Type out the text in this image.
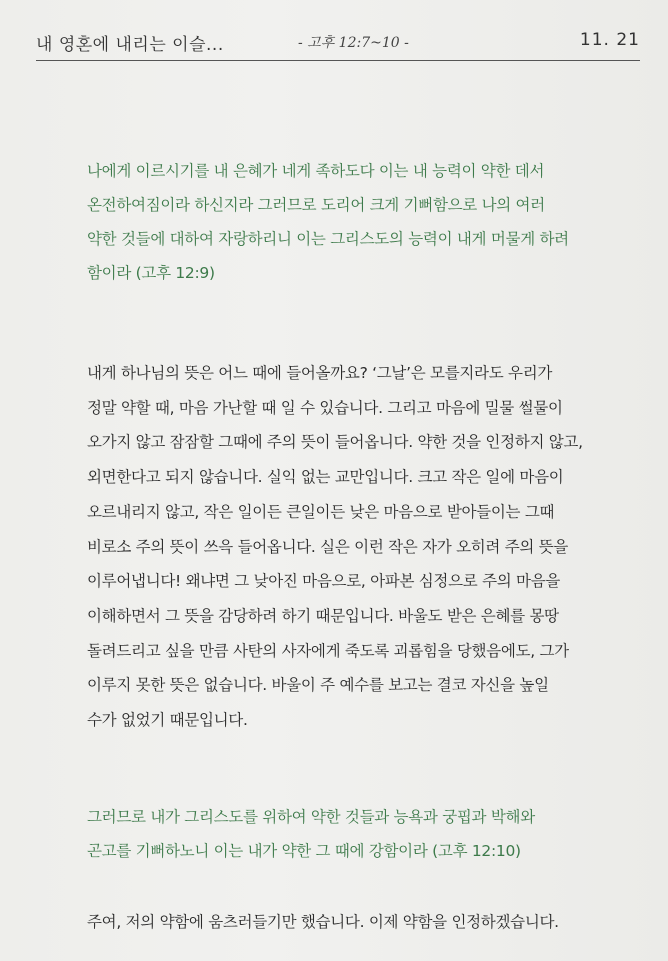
내 영혼에 내리는 이슬...	- 고후 12:7~10 -	11. 21
나에게 이르시기를 내 은혜가 네게 족하도다 이는 내 능력이 약한 데서
온전하여짐이라 하신지라 그러므로 도리어 크게 기뻐함으로 나의 여러
약한 것들에 대하여 자랑하리니 이는 그리스도의 능력이 내게 머물게 하려
함이라 (고후 12:9)
내게 하나님의 뜻은 어느 때에 들어올까요? ‘그날’은 모를지라도 우리가
정말 약할 때, 마음 가난할 때 일 수 있습니다. 그리고 마음에 밀물 썰물이
오가지 않고 잠잠할 그때에 주의 뜻이 들어옵니다. 약한 것을 인정하지 않고,
외면한다고 되지 않습니다. 실익 없는 교만입니다. 크고 작은 일에 마음이
오르내리지 않고, 작은 일이든 큰일이든 낮은 마음으로 받아들이는 그때
비로소 주의 뜻이 쓰윽 들어옵니다. 실은 이런 작은 자가 오히려 주의 뜻을
이루어냅니다! 왜냐면 그 낮아진 마음으로, 아파본 심정으로 주의 마음을
이해하면서 그 뜻을 감당하려 하기 때문입니다. 바울도 받은 은혜를 몽땅
돌려드리고 싶을 만큼 사탄의 사자에게 죽도록 괴롭힘을 당했음에도, 그가
이루지 못한 뜻은 없습니다. 바울이 주 예수를 보고는 결코 자신을 높일
수가 없었기 때문입니다.
그러므로 내가 그리스도를 위하여 약한 것들과 능욕과 궁핍과 박해와
곤고를 기뻐하노니 이는 내가 약한 그 때에 강함이라 (고후 12:10)
주여, 저의 약함에 움츠러들기만 했습니다. 이제 약함을 인정하겠습니다.
